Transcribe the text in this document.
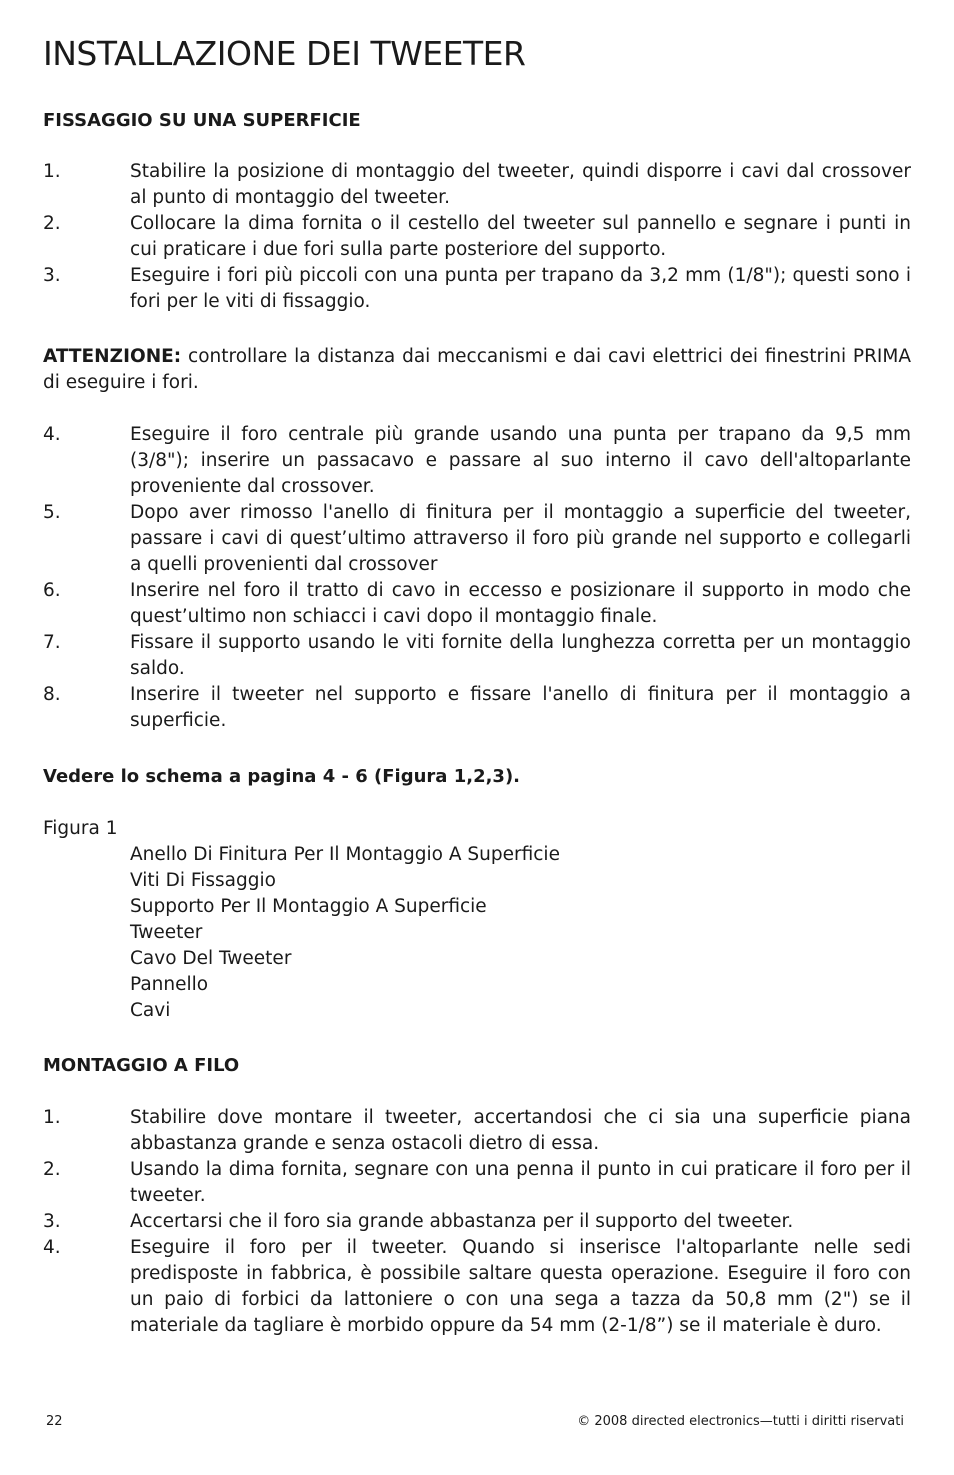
INSTALLAZIONE DEI TWEETER
FISSAGGIO SU UNA SUPERFICIE
1.	Stabilire la posizione di montaggio del tweeter, quindi disporre i cavi dal crossover al punto di montaggio del tweeter.
2.	Collocare la dima fornita o il cestello del tweeter sul pannello e segnare i punti in cui praticare i due fori sulla parte posteriore del supporto.
3.	Eseguire i fori più piccoli con una punta per trapano da 3,2 mm (1/8"); questi sono i fori per le viti di fissaggio.

ATTENZIONE: controllare la distanza dai meccanismi e dai cavi elettrici dei finestrini PRIMA di eseguire i fori.

4.	Eseguire il foro centrale più grande usando una punta per trapano da 9,5 mm (3/8"); inserire un passacavo e passare al suo interno il cavo dell'altoparlante proveniente dal crossover.
5.	Dopo aver rimosso l'anello di finitura per il montaggio a superficie del tweeter, passare i cavi di quest’ultimo attraverso il foro più grande nel supporto e collegarli a quelli provenienti dal crossover
6.	Inserire nel foro il tratto di cavo in eccesso e posizionare il supporto in modo che quest’ultimo non schiacci i cavi dopo il montaggio finale.
7.	Fissare il supporto usando le viti fornite della lunghezza corretta per un montaggio saldo.
8.	Inserire il tweeter nel supporto e fissare l'anello di finitura per il montaggio a superficie.
Vedere lo schema a pagina 4 - 6 (Figura 1,2,3).
Figura 1
Anello Di Finitura Per Il Montaggio A Superficie
Viti Di Fissaggio
Supporto Per Il Montaggio A Superficie
Tweeter
Cavo Del Tweeter
Pannello
Cavi
MONTAGGIO A FILO
1.	Stabilire dove montare il tweeter, accertandosi che ci sia una superficie piana abbastanza grande e senza ostacoli dietro di essa.
2.	Usando la dima fornita, segnare con una penna il punto in cui praticare il foro per il tweeter.
3.	Accertarsi che il foro sia grande abbastanza per il supporto del tweeter.
4.	Eseguire il foro per il tweeter. Quando si inserisce l'altoparlante nelle sedi predisposte in fabbrica, è possibile saltare questa operazione. Eseguire il foro con un paio di forbici da lattoniere o con una sega a tazza da 50,8 mm (2") se il materiale da tagliare è morbido oppure da 54 mm (2-1/8”) se il materiale è duro.
22	© 2008 directed electronics—tutti i diritti riservati
